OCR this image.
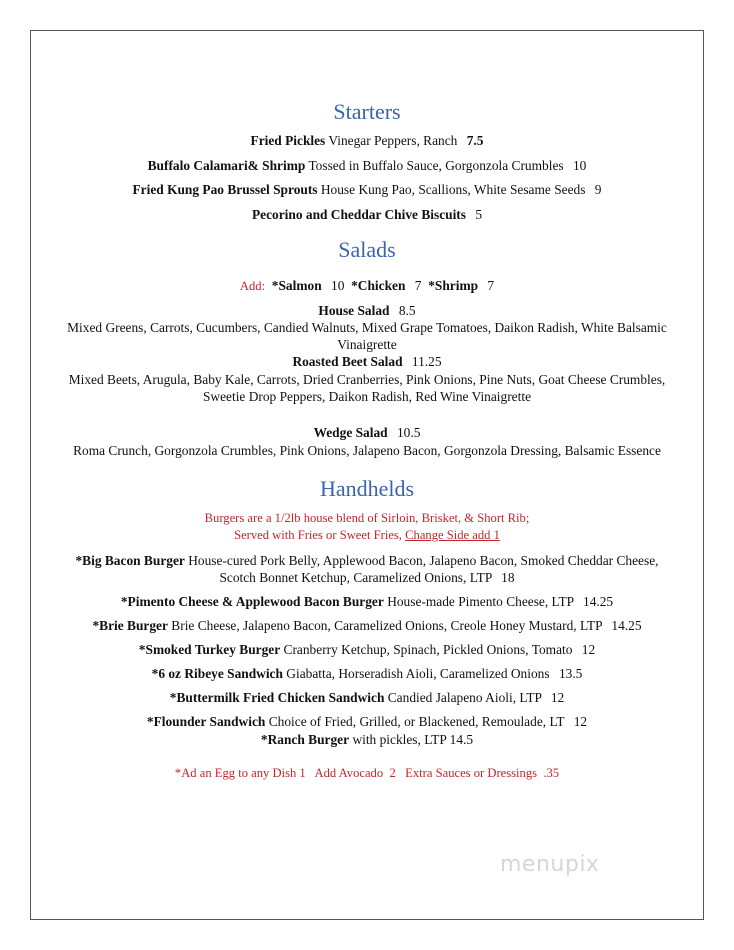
Starters
Fried Pickles Vinegar Peppers, Ranch 7.5
Buffalo Calamari& Shrimp Tossed in Buffalo Sauce, Gorgonzola Crumbles 10
Fried Kung Pao Brussel Sprouts House Kung Pao, Scallions, White Sesame Seeds 9
Pecorino and Cheddar Chive Biscuits 5
Salads
Add: *Salmon 10 *Chicken 7 *Shrimp 7
House Salad 8.5
Mixed Greens, Carrots, Cucumbers, Candied Walnuts, Mixed Grape Tomatoes, Daikon Radish, White Balsamic Vinaigrette
Roasted Beet Salad 11.25
Mixed Beets, Arugula, Baby Kale, Carrots, Dried Cranberries, Pink Onions, Pine Nuts, Goat Cheese Crumbles, Sweetie Drop Peppers, Daikon Radish, Red Wine Vinaigrette
Wedge Salad 10.5
Roma Crunch, Gorgonzola Crumbles, Pink Onions, Jalapeno Bacon, Gorgonzola Dressing, Balsamic Essence
Handhelds
Burgers are a 1/2lb house blend of Sirloin, Brisket, & Short Rib;
Served with Fries or Sweet Fries, Change Side add 1
*Big Bacon Burger House-cured Pork Belly, Applewood Bacon, Jalapeno Bacon, Smoked Cheddar Cheese,
Scotch Bonnet Ketchup, Caramelized Onions, LTP 18
*Pimento Cheese & Applewood Bacon Burger House-made Pimento Cheese, LTP 14.25
*Brie Burger Brie Cheese, Jalapeno Bacon, Caramelized Onions, Creole Honey Mustard, LTP 14.25
*Smoked Turkey Burger Cranberry Ketchup, Spinach, Pickled Onions, Tomato 12
*6 oz Ribeye Sandwich Giabatta, Horseradish Aioli, Caramelized Onions 13.5
*Buttermilk Fried Chicken Sandwich Candied Jalapeno Aioli, LTP 12
*Flounder Sandwich Choice of Fried, Grilled, or Blackened, Remoulade, LT 12
*Ranch Burger with pickles, LTP 14.5
*Ad an Egg to any Dish 1   Add Avocado  2   Extra Sauces or Dressings  .35
menupix
